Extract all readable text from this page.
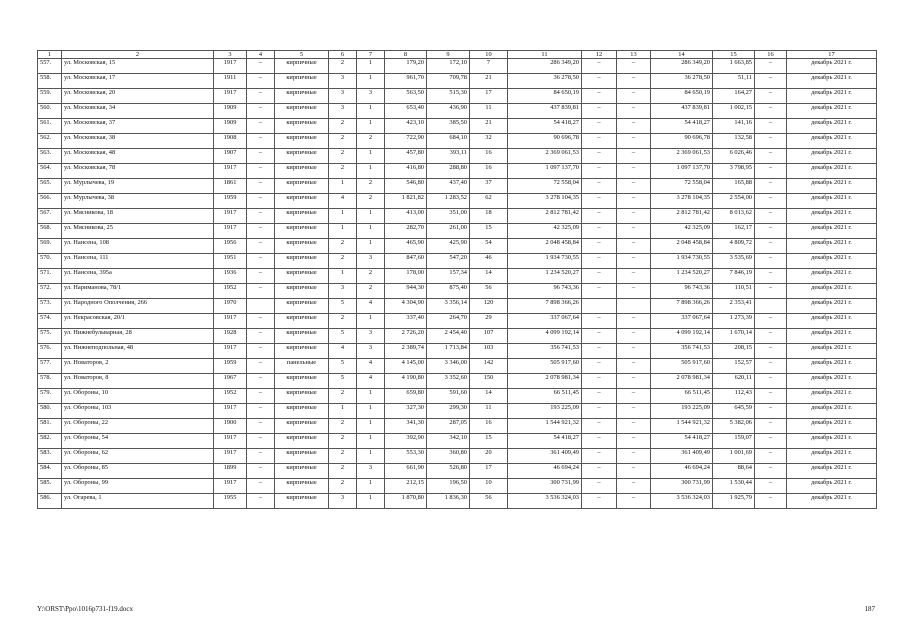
1	2	3	4	5	6	7	8	9	10	11	12	13	14	15	16	17
557.	ул. Московская, 15	1917	–	кирпичные	2	1	179,20	172,10	7	286 349,20	–	–	286 349,20	1 663,85	–	декабрь 2021 г.

558.	ул. Московская, 17	1911	–	кирпичные	3	1	961,70	709,78	21	36 278,50	–	–	36 278,50	51,11	–	декабрь 2021 г.

559.	ул. Московская, 20	1917	–	кирпичные	3	3	563,50	515,30	17	84 650,19	–	–	84 650,19	164,27	–	декабрь 2021 г.

560.	ул. Московская, 34	1909	–	кирпичные	3	1	653,40	436,90	11	437 839,81	–	–	437 839,81	1 002,15	–	декабрь 2021 г.

561.	ул. Московская, 37	1909	–	кирпичные	2	1	423,10	385,50	21	54 418,27	–	–	54 418,27	141,16	–	декабрь 2021 г.

562.	ул. Московская, 38	1908	–	кирпичные	2	2	722,90	684,10	32	90 696,78	–	–	90 696,78	132,58	–	декабрь 2021 г.

563.	ул. Московская, 48	1907	–	кирпичные	2	1	457,80	393,11	16	2 369 061,53	–	–	2 369 061,53	6 026,46	–	декабрь 2021 г.

564.	ул. Московская, 78	1917	–	кирпичные	2	1	416,80	288,80	16	1 097 137,70	–	–	1 097 137,70	3 798,95	–	декабрь 2021 г.

565.	ул. Мурлычева, 19	1861	–	кирпичные	1	2	546,80	437,40	37	72 558,04	–	–	72 558,04	165,88	–	декабрь 2021 г.

566.	ул. Мурлычева, 38	1959	–	кирпичные	4	2	1 821,82	1 283,52	62	3 278 104,35	–	–	3 278 104,35	2 554,00	–	декабрь 2021 г.

567.	ул. Мясникова, 18	1917	–	кирпичные	1	1	413,00	351,00	18	2 812 781,42	–	–	2 812 781,42	8 013,62	–	декабрь 2021 г.

568.	ул. Мясникова, 25	1917	–	кирпичные	1	1	282,70	261,00	15	42 325,09	–	–	42 325,09	162,17	–	декабрь 2021 г.

569.	ул. Нансена, 108	1956	–	кирпичные	2	1	465,90	425,90	54	2 048 458,84	–	–	2 048 458,84	4 809,72	–	декабрь 2021 г.

570.	ул. Нансена, 111	1951	–	кирпичные	2	3	847,60	547,20	46	1 934 730,55	–	–	1 934 730,55	3 535,69	–	декабрь 2021 г.

571.	ул. Нансена, 395а	1936	–	кирпичные	1	2	178,00	157,34	14	1 234 520,27	–	–	1 234 520,27	7 846,19	–	декабрь 2021 г.

572.	ул. Нариманова, 78/1	1952	–	кирпичные	3	2	944,30	875,40	56	96 743,36	–	–	96 743,36	110,51	–	декабрь 2021 г.

573.	ул. Народного Ополчения, 266	1970		кирпичные	5	4	4 304,90	3 356,14	120	7 898 366,26			7 898 366,26	2 353,41		декабрь 2021 г.

574.	ул. Некрасовская, 20/1	1917	–	кирпичные	2	1	337,40	264,70	29	337 067,64	–	–	337 067,64	1 273,39	–	декабрь 2021 г.

575.	ул. Нижнебульварная, 28	1928	–	кирпичные	5	3	2 726,20	2 454,40	107	4 099 192,14	–	–	4 099 192,14	1 670,14	–	декабрь 2021 г.

576.	ул. Нижнеподпольная, 48	1917	–	кирпичные	4	3	2 389,74	1 713,84	103	356 741,53	–	–	356 741,53	208,15	–	декабрь 2021 г.

577.	ул. Новаторов, 2	1959	–	панельные	5	4	4 145,00	3 346,00	142	505 917,60	–	–	505 917,60	152,57	–	декабрь 2021 г.

578.	ул. Новаторов, 8	1967	–	кирпичные	5	4	4 190,80	3 352,60	150	2 078 981,34	–	–	2 078 981,34	620,11	–	декабрь 2021 г.

579.	ул. Обороны, 10	1952	–	кирпичные	2	1	659,80	591,60	14	66 511,45	–	–	66 511,45	112,43	–	декабрь 2021 г.

580.	ул. Обороны, 103	1917	–	кирпичные	1	1	327,30	299,30	11	193 225,09	–	–	193 225,09	645,59	–	декабрь 2021 г.

581.	ул. Обороны, 22	1900	–	кирпичные	2	1	341,30	287,05	16	1 544 921,32	–	–	1 544 921,32	5 382,06	–	декабрь 2021 г.

582.	ул. Обороны, 54	1917	–	кирпичные	2	1	392,90	342,10	15	54 418,27	–	–	54 418,27	159,07	–	декабрь 2021 г.

583.	ул. Обороны, 62	1917	–	кирпичные	2	1	553,30	360,80	20	361 409,49	–	–	361 409,49	1 001,69	–	декабрь 2021 г.

584.	ул. Обороны, 85	1899	–	кирпичные	2	3	661,90	526,80	17	46 694,24	–	–	46 694,24	88,64	–	декабрь 2021 г.

585.	ул. Обороны, 99	1917	–	кирпичные	2	1	212,15	196,50	10	300 731,99	–	–	300 731,99	1 530,44	–	декабрь 2021 г.

586.	ул. Огарева, 1	1955	–	кирпичные	3	1	1 870,80	1 836,30	56	3 536 324,03	–	–	3 536 324,03	1 925,79	–	декабрь 2021 г.
Y:\ORST\Ppo\1016p731-f19.docx	187
